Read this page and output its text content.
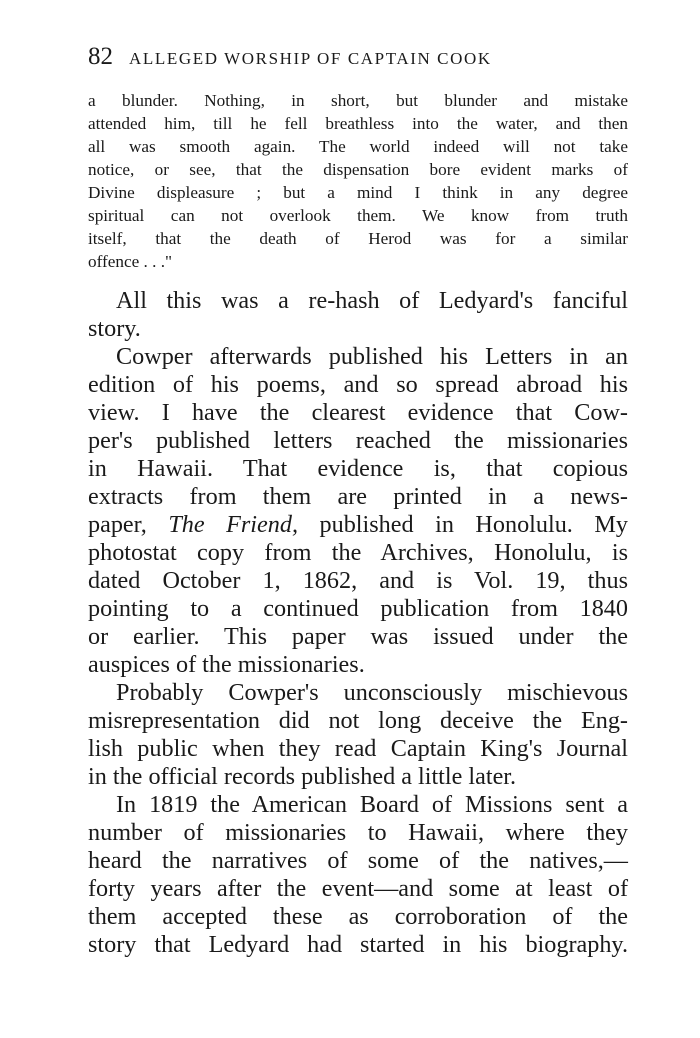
82 ALLEGED WORSHIP OF CAPTAIN COOK
a blunder. Nothing, in short, but blunder and mistake
attended him, till he fell breathless into the water, and then
all was smooth again. The world indeed will not take
notice, or see, that the dispensation bore evident marks of
Divine displeasure ; but a mind I think in any degree
spiritual can not overlook them. We know from truth
itself, that the death of Herod was for a similar
offence . . ."
All this was a re-hash of Ledyard's fanciful
story.
Cowper afterwards published his Letters in an
edition of his poems, and so spread abroad his
view. I have the clearest evidence that Cow-
per's published letters reached the missionaries
in Hawaii. That evidence is, that copious
extracts from them are printed in a news-
paper, The Friend, published in Honolulu. My
photostat copy from the Archives, Honolulu, is
dated October 1, 1862, and is Vol. 19, thus
pointing to a continued publication from 1840
or earlier. This paper was issued under the
auspices of the missionaries.
Probably Cowper's unconsciously mischievous
misrepresentation did not long deceive the Eng-
lish public when they read Captain King's Journal
in the official records published a little later.
In 1819 the American Board of Missions sent a
number of missionaries to Hawaii, where they
heard the narratives of some of the natives,—
forty years after the event—and some at least of
them accepted these as corroboration of the
story that Ledyard had started in his biography.
